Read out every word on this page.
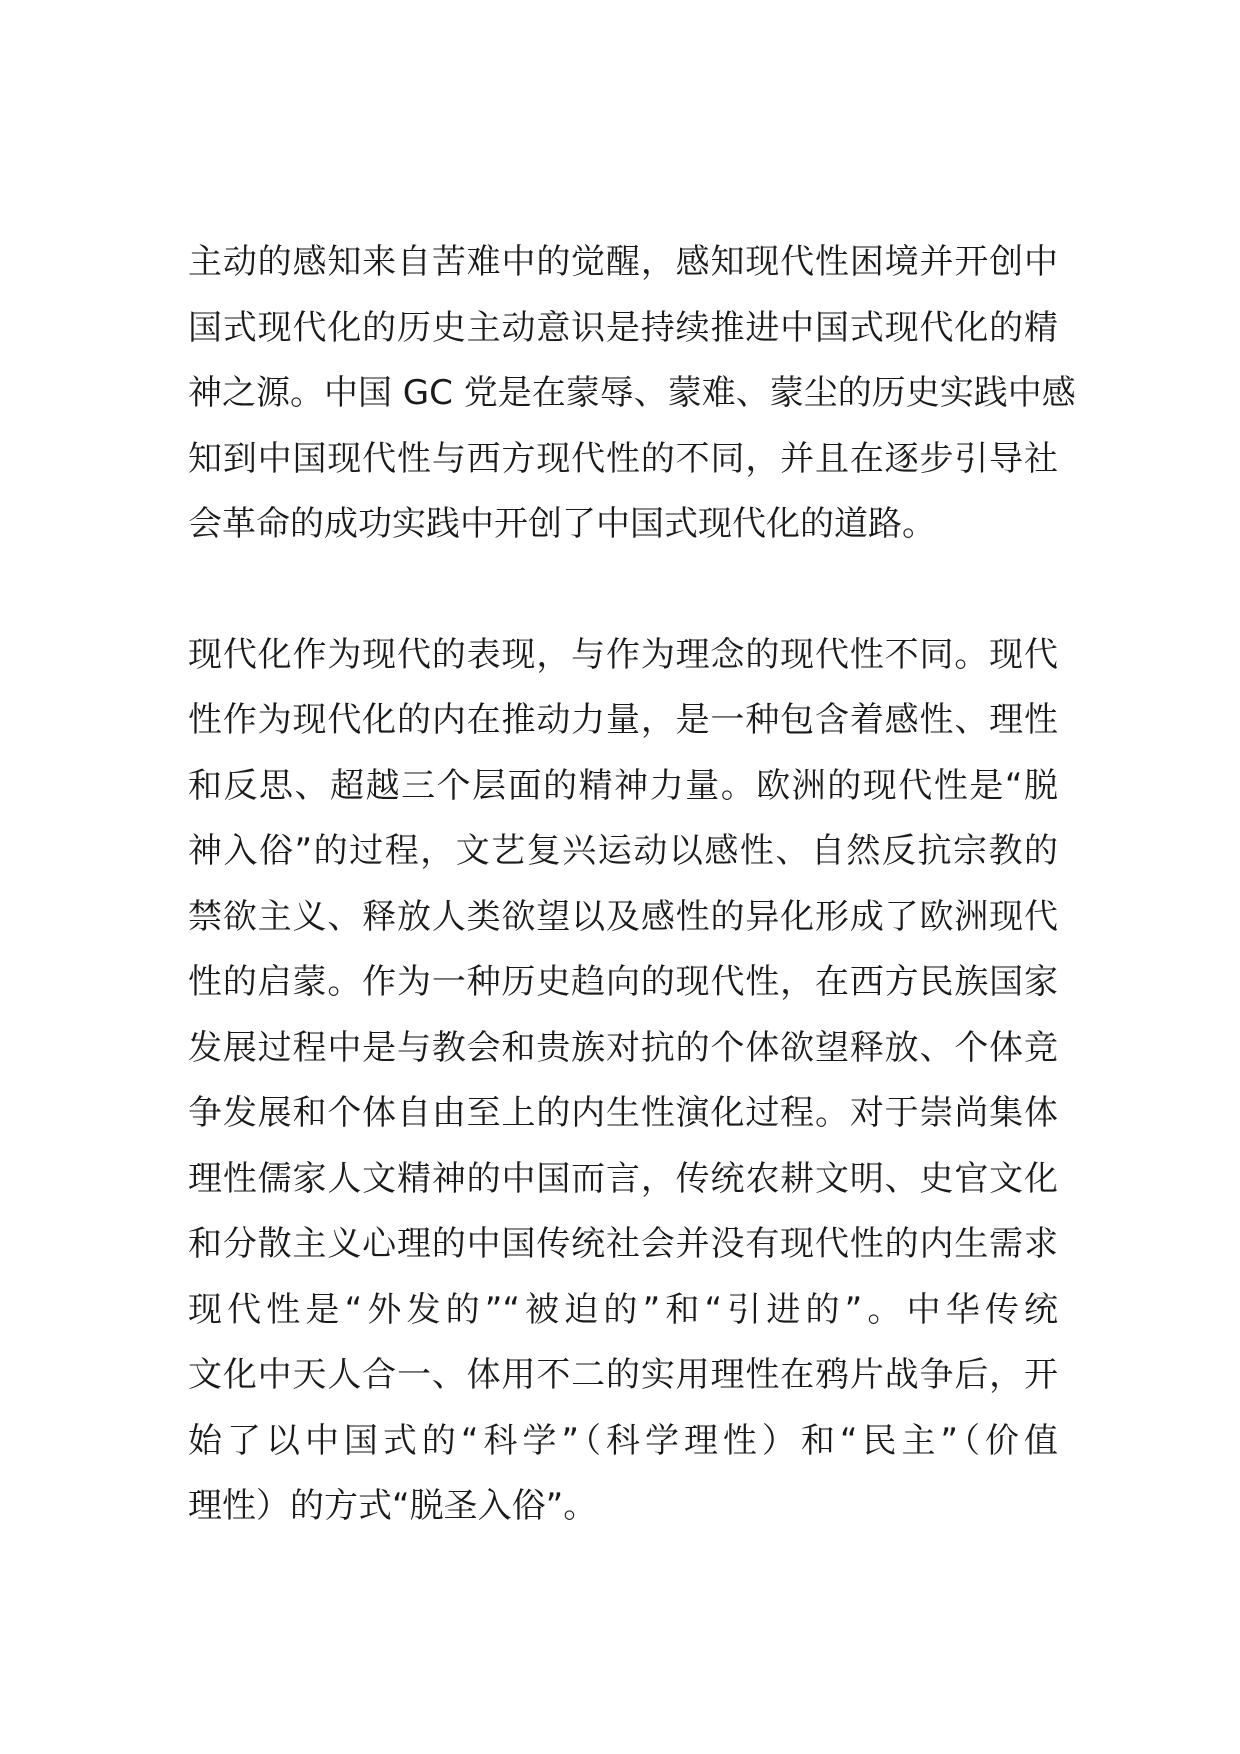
主动的感知来自苦难中的觉醒，感知现代性困境并开创中
国式现代化的历史主动意识是持续推进中国式现代化的精
神之源。中国 GC 党是在蒙辱、蒙难、蒙尘的历史实践中感
知到中国现代性与西方现代性的不同，并且在逐步引导社
会革命的成功实践中开创了中国式现代化的道路。

现代化作为现代的表现，与作为理念的现代性不同。现代
性作为现代化的内在推动力量，是一种包含着感性、理性
和反思、超越三个层面的精神力量。欧洲的现代性是“脱
神入俗”的过程，文艺复兴运动以感性、自然反抗宗教的
禁欲主义、释放人类欲望以及感性的异化形成了欧洲现代
性的启蒙。作为一种历史趋向的现代性，在西方民族国家
发展过程中是与教会和贵族对抗的个体欲望释放、个体竞
争发展和个体自由至上的内生性演化过程。对于崇尚集体
理性儒家人文精神的中国而言，传统农耕文明、史官文化
和分散主义心理的中国传统社会并没有现代性的内生需求
现代性是“外发的”“被迫的”和“引进的”。中华传统
文化中天人合一、体用不二的实用理性在鸦片战争后，开
始了以中国式的“科学”（科学理性）和“民主”（价值
理性）的方式“脱圣入俗”。
